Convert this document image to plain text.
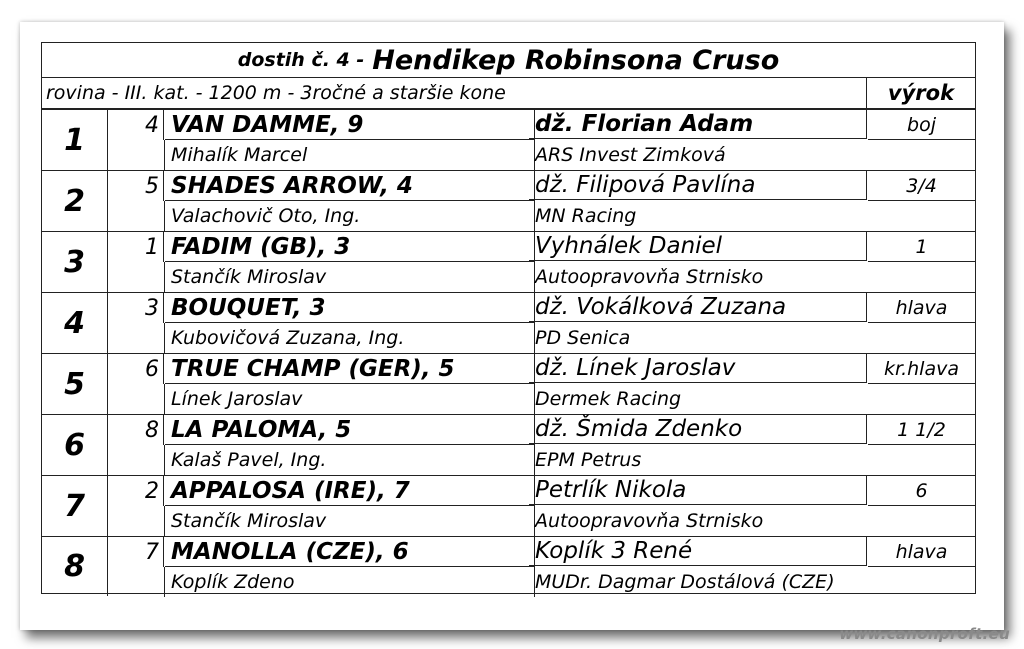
dostih č. 4 - Hendikep Robinsona Cruso
rovina - III. kat. - 1200 m - 3ročné a staršie kone	výrok
1	4 VAN DAMME, 9	dž. Florian Adam	boj
Mihalík Marcel	ARS Invest Zimková
2	5 SHADES ARROW, 4	dž. Filipová Pavlína	3/4
Valachovič Oto, Ing.	MN Racing
3	1 FADIM (GB), 3	Vyhnálek Daniel	1
Stančík Miroslav	Autoopravovňa Strnisko
4	3 BOUQUET, 3	dž. Vokálková Zuzana	hlava
Kubovičová Zuzana, Ing.	PD Senica
5	6 TRUE CHAMP (GER), 5	dž. Línek Jaroslav	kr.hlava
Línek Jaroslav	Dermek Racing
6	8 LA PALOMA, 5	dž. Šmida Zdenko	1 1/2
Kalaš Pavel, Ing.	EPM Petrus
7	2 APPALOSA (IRE), 7	Petrlík Nikola	6
Stančík Miroslav	Autoopravovňa Strnisko
8	7 MANOLLA (CZE), 6	Koplík 3 René	hlava
Koplík Zdeno	MUDr. Dagmar Dostálová (CZE)
www.canonproft.eu
